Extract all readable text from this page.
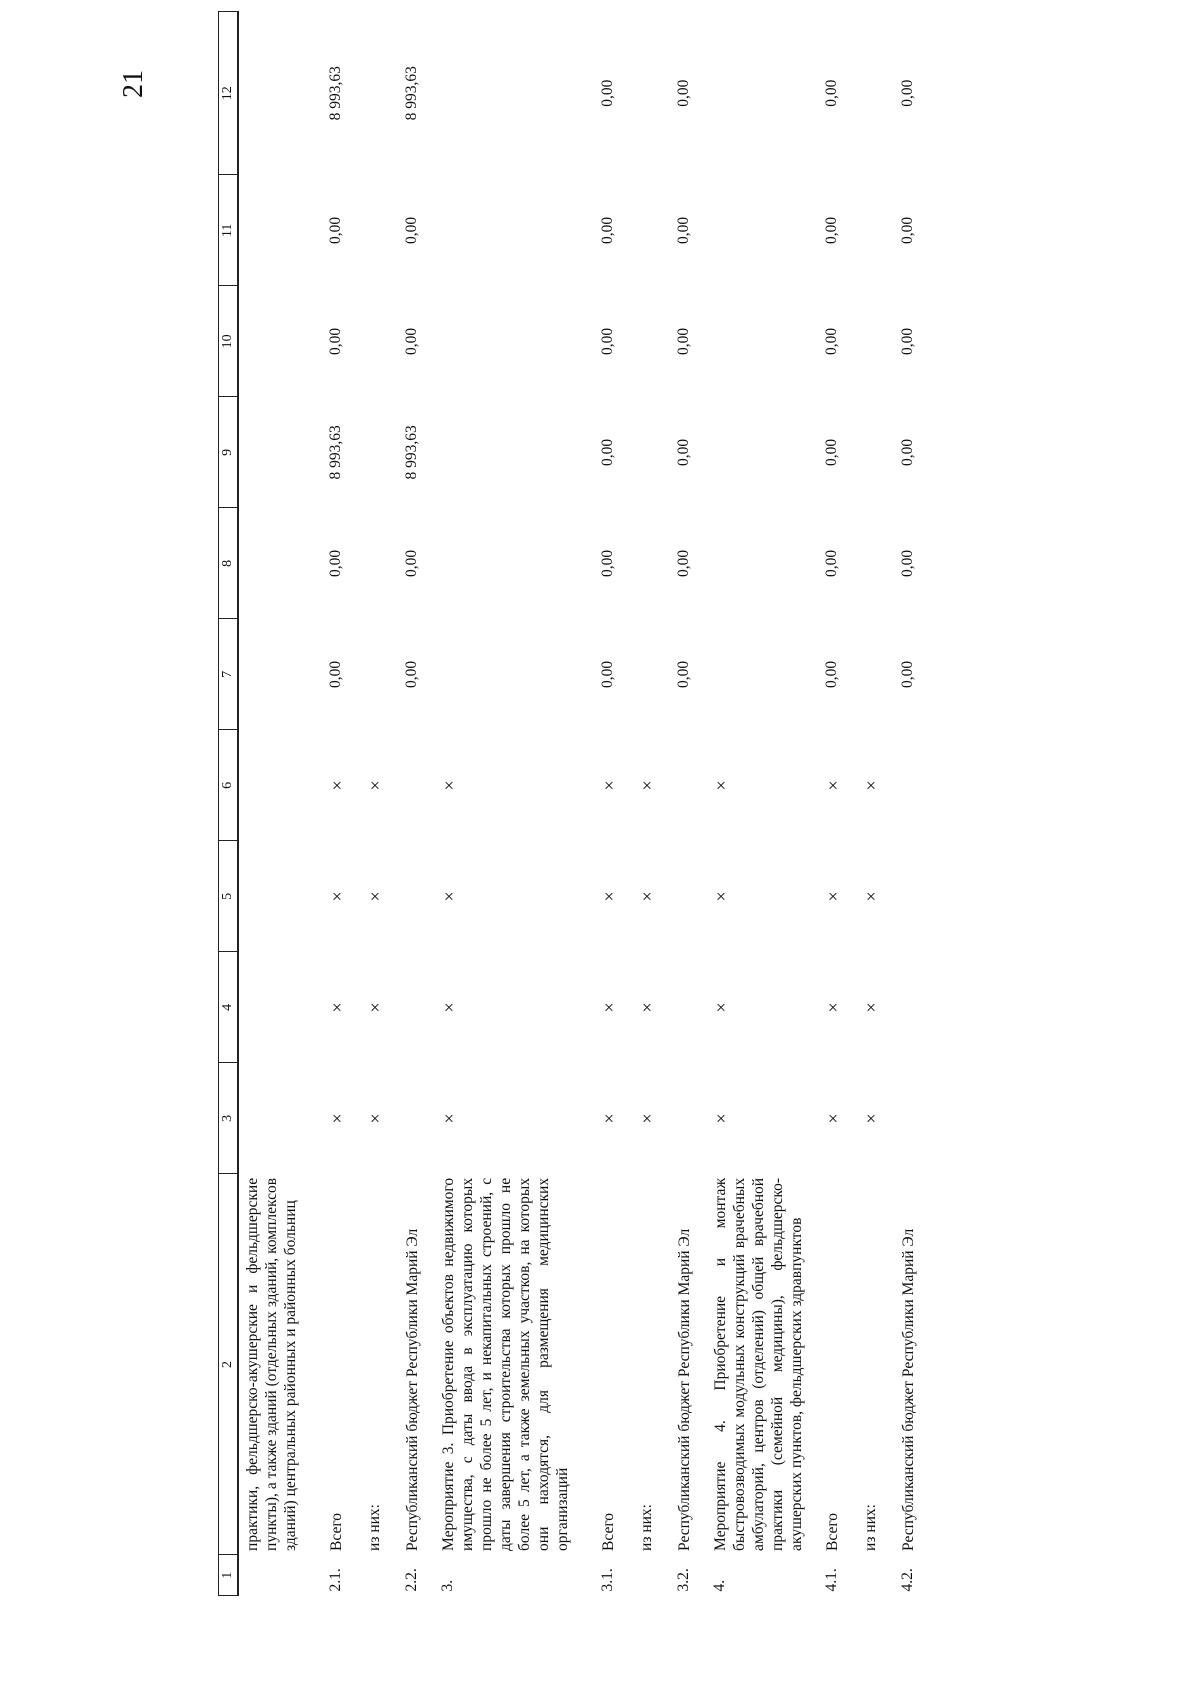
21
1	2	3	4	5	6	7	8	9	10	11	12
	практики, фельдшерско-акушерские и фельдшерские пункты), а также зданий (отдельных зданий, комплексов зданий) центральных районных и районных больниц										
2.1.	Всего	×	×	×	×	0,00	0,00	8 993,63	0,00	0,00	8 993,63
	из них:	×	×	×	×						
2.2.	Республиканский бюджет Республики Марий Эл					0,00	0,00	8 993,63	0,00	0,00	8 993,63
3.	Мероприятие 3. Приобретение объектов недвижимого имущества, с даты ввода в эксплуатацию которых прошло не более 5 лет, и некапитальных строений, с даты завершения строительства которых прошло не более 5 лет, а также земельных участков, на которых они находятся, для размещения медицинских организаций	×	×	×	×						
3.1.	Всего	×	×	×	×	0,00	0,00	0,00	0,00	0,00	0,00
	из них:	×	×	×	×						
3.2.	Республиканский бюджет Республики Марий Эл					0,00	0,00	0,00	0,00	0,00	0,00
4.	Мероприятие 4. Приобретение и монтаж быстровозводимых модульных конструкций врачебных амбулаторий, центров (отделений) общей врачебной практики (семейной медицины), фельдшерско-акушерских пунктов, фельдшерских здравпунктов	×	×	×	×						
4.1.	Всего	×	×	×	×	0,00	0,00	0,00	0,00	0,00	0,00
	из них:	×	×	×	×						
4.2.	Республиканский бюджет Республики Марий Эл					0,00	0,00	0,00	0,00	0,00	0,00
